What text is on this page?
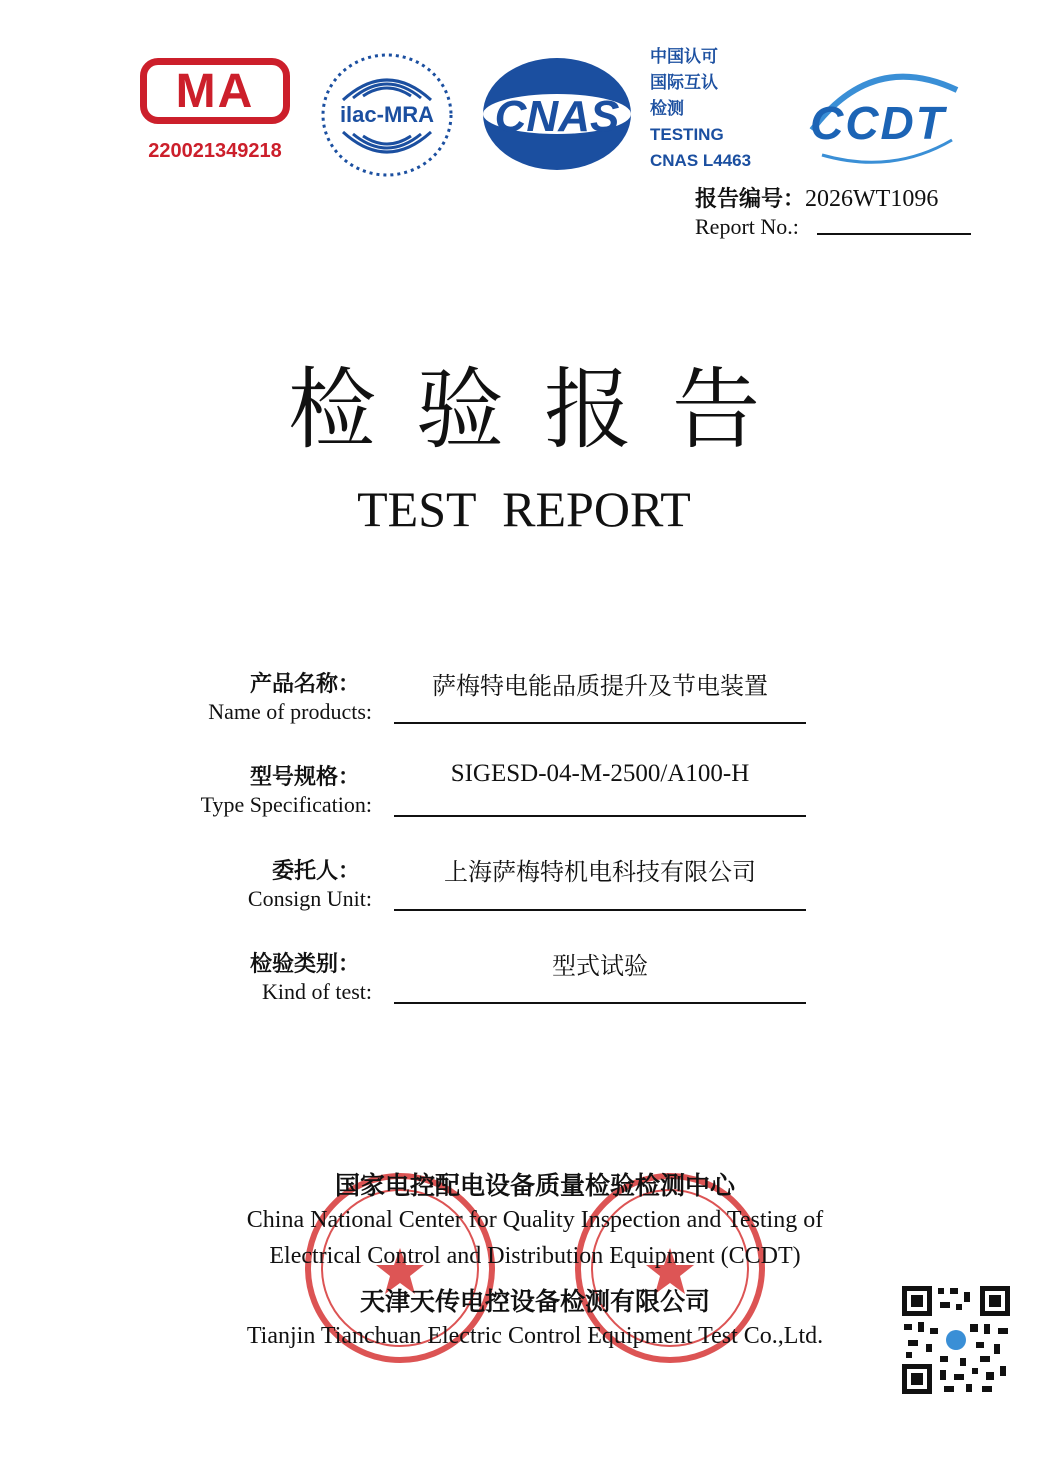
MA
220021349218
ilac-MRA	CNAS
中国认可
国际互认
检测
TESTING
CNAS L4463
CCDT
报告编号：2026WT1096
Report No.:
检验报告
TEST REPORT
产品名称：
Name of products:
萨梅特电能品质提升及节电装置
型号规格：
Type Specification:
SIGESD-04-M-2500/A100-H
委托人：
Consign Unit:
上海萨梅特机电科技有限公司
检验类别：
Kind of test:
型式试验
国家电控配电设备质量检验检测中心
China National Center for Quality Inspection and Testing of
Electrical Control and Distribution Equipment (CCDT)
天津天传电控设备检测有限公司
Tianjin Tianchuan Electric Control Equipment Test Co.,Ltd.
